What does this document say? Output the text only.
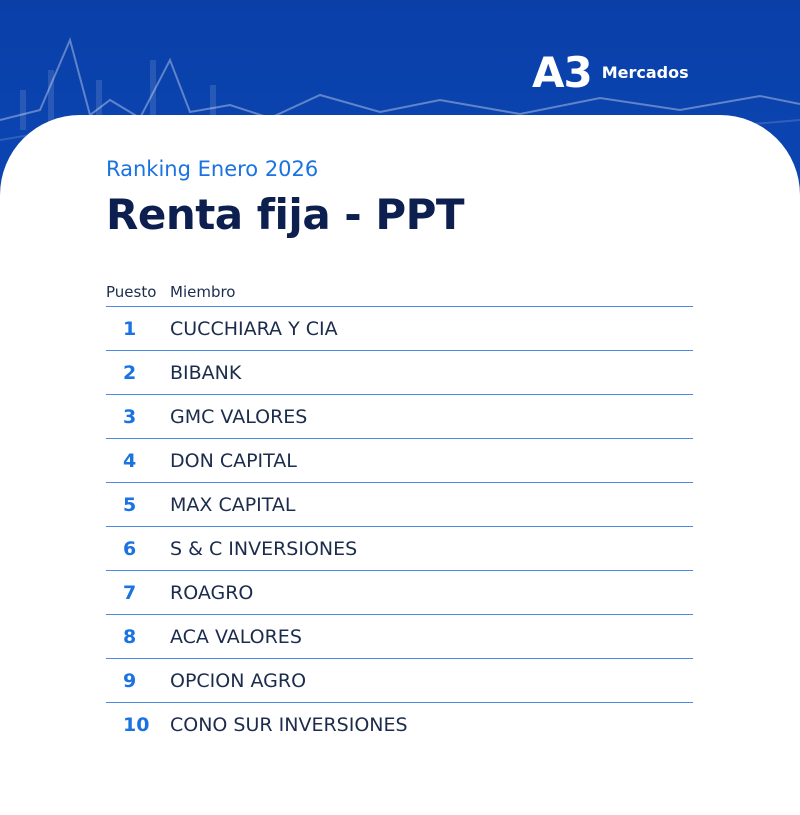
A3 Mercados
Ranking Enero 2026
Renta fija - PPT
Puesto Miembro
1	CUCCHIARA Y CIA
2	BIBANK
3	GMC VALORES
4	DON CAPITAL
5	MAX CAPITAL
6	S & C INVERSIONES
7	ROAGRO
8	ACA VALORES
9	OPCION AGRO
10	CONO SUR INVERSIONES
